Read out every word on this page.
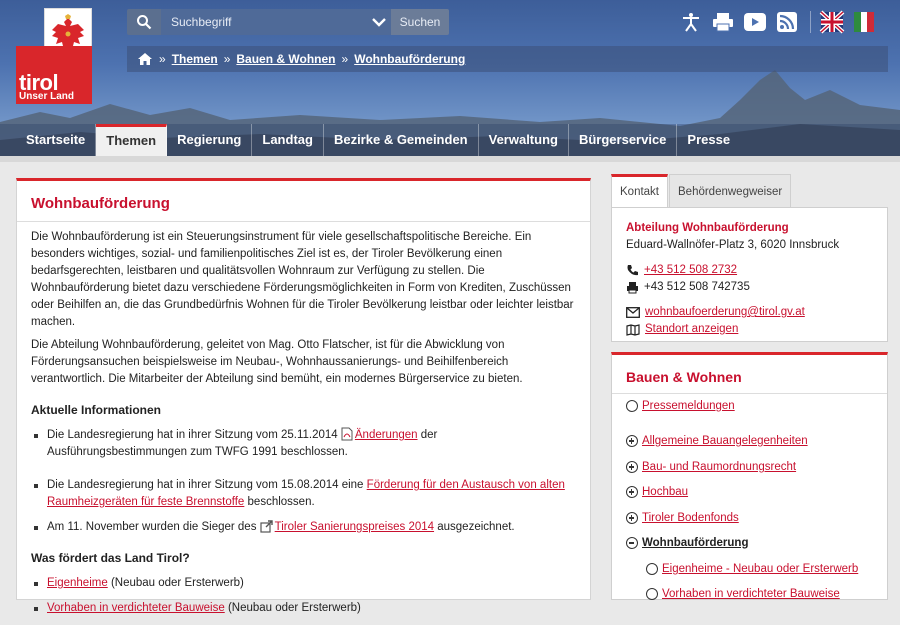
tirol
Unser Land
Suchbegriff	Suchen
» Themen » Bauen & Wohnen » Wohnbauförderung
Startseite	Themen	Regierung	Landtag	Bezirke & Gemeinden	Verwaltung	Bürgerservice	Presse
Wohnbauförderung

Die Wohnbauförderung ist ein Steuerungsinstrument für viele gesellschaftspolitische Bereiche. Ein besonders wichtiges, sozial- und familienpolitisches Ziel ist es, der Tiroler Bevölkerung einen bedarfsgerechten, leistbaren und qualitätsvollen Wohnraum zur Verfügung zu stellen. Die Wohnbauförderung bietet dazu verschiedene Förderungsmöglichkeiten in Form von Krediten, Zuschüssen oder Beihilfen an, die das Grundbedürfnis Wohnen für die Tiroler Bevölkerung leistbar oder leichter leistbar machen.

Die Abteilung Wohnbauförderung, geleitet von Mag. Otto Flatscher, ist für die Abwicklung von Förderungsansuchen beispielsweise im Neubau-, Wohnhaussanierungs- und Beihilfenbereich verantwortlich. Die Mitarbeiter der Abteilung sind bemüht, ein modernes Bürgerservice zu bieten.

Aktuelle Informationen
Die Landesregierung hat in ihrer Sitzung vom 25.11.2014 Änderungen der Ausführungsbestimmungen zum TWFG 1991 beschlossen.
Die Landesregierung hat in ihrer Sitzung vom 15.08.2014 eine Förderung für den Austausch von alten Raumheizgeräten für feste Brennstoffe beschlossen.
Am 11. November wurden die Sieger des Tiroler Sanierungspreises 2014 ausgezeichnet.
Was fördert das Land Tirol?
Eigenheime (Neubau oder Ersterwerb)
Vorhaben in verdichteter Bauweise (Neubau oder Ersterwerb)
Kontakt	Behördenwegweiser
Abteilung Wohnbauförderung
Eduard-Wallnöfer-Platz 3, 6020 Innsbruck
+43 512 508 2732
+43 512 508 742735
wohnbaufoerderung@tirol.gv.at
Standort anzeigen
Bauen & Wohnen
Pressemeldungen
Allgemeine Bauangelegenheiten
Bau- und Raumordnungsrecht
Hochbau
Tiroler Bodenfonds
Wohnbauförderung
Eigenheime - Neubau oder Ersterwerb
Vorhaben in verdichteter Bauweise
